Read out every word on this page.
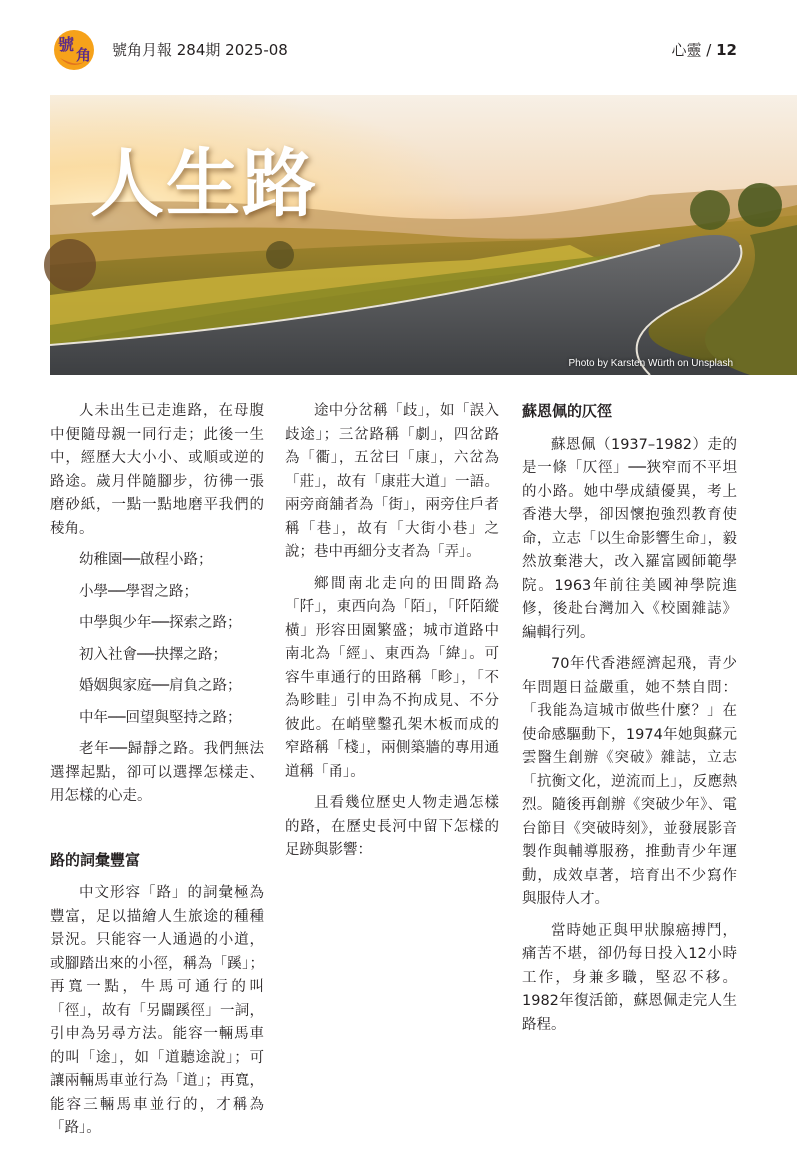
號
角 號角月報 284期 2025-08	心靈 / 12
人生路
Photo by Karsten Würth on Unsplash

人未出生已走進路，在母腹中便隨母親一同行走；此後一生中，經歷大大小小、或順或逆的路途。歲月伴隨腳步，彷彿一張磨砂紙，一點一點地磨平我們的稜角。

幼稚園──啟程小路；

小學──學習之路；

中學與少年──探索之路；

初入社會──抉擇之路；

婚姻與家庭──肩負之路；

中年──回望與堅持之路；

老年──歸靜之路。我們無法選擇起點，卻可以選擇怎樣走、用怎樣的心走。

路的詞彙豐富

中文形容「路」的詞彙極為豐富，足以描繪人生旅途的種種景況。只能容一人通過的小道，或腳踏出來的小徑，稱為「蹊」；再寬一點，牛馬可通行的叫「徑」，故有「另闢蹊徑」一詞，引申為另尋方法。能容一輛馬車的叫「途」，如「道聽途說」；可讓兩輛馬車並行為「道」；再寬，能容三輛馬車並行的，才稱為「路」。

途中分岔稱「歧」，如「誤入歧途」；三岔路稱「劇」，四岔路為「衢」，五岔曰「康」，六岔為「莊」，故有「康莊大道」一語。兩旁商舖者為「街」，兩旁住戶者稱「巷」，故有「大街小巷」之說；巷中再細分支者為「弄」。

鄉間南北走向的田間路為「阡」，東西向為「陌」，「阡陌縱橫」形容田園繁盛；城市道路中南北為「經」、東西為「緯」。可容牛車通行的田路稱「畛」，「不為畛畦」引申為不拘成見、不分彼此。在峭壁鑿孔架木板而成的窄路稱「棧」，兩側築牆的專用通道稱「甬」。

且看幾位歷史人物走過怎樣的路，在歷史長河中留下怎樣的足跡與影響：

蘇恩佩的仄徑

蘇恩佩（1937–1982）走的是一條「仄徑」──狹窄而不平坦的小路。她中學成績優異，考上香港大學，卻因懷抱強烈教育使命，立志「以生命影響生命」，毅然放棄港大，改入羅富國師範學院。1963年前往美國神學院進修，後赴台灣加入《校園雜誌》編輯行列。

70年代香港經濟起飛，青少年問題日益嚴重，她不禁自問：「我能為這城市做些什麼？」在使命感驅動下，1974年她與蘇元雲醫生創辦《突破》雜誌，立志「抗衡文化，逆流而上」，反應熱烈。隨後再創辦《突破少年》、電台節目《突破時刻》，並發展影音製作與輔導服務，推動青少年運動，成效卓著，培育出不少寫作與服侍人才。

當時她正與甲狀腺癌搏鬥，痛苦不堪，卻仍每日投入12小時工作，身兼多職，堅忍不移。1982年復活節，蘇恩佩走完人生路程。
